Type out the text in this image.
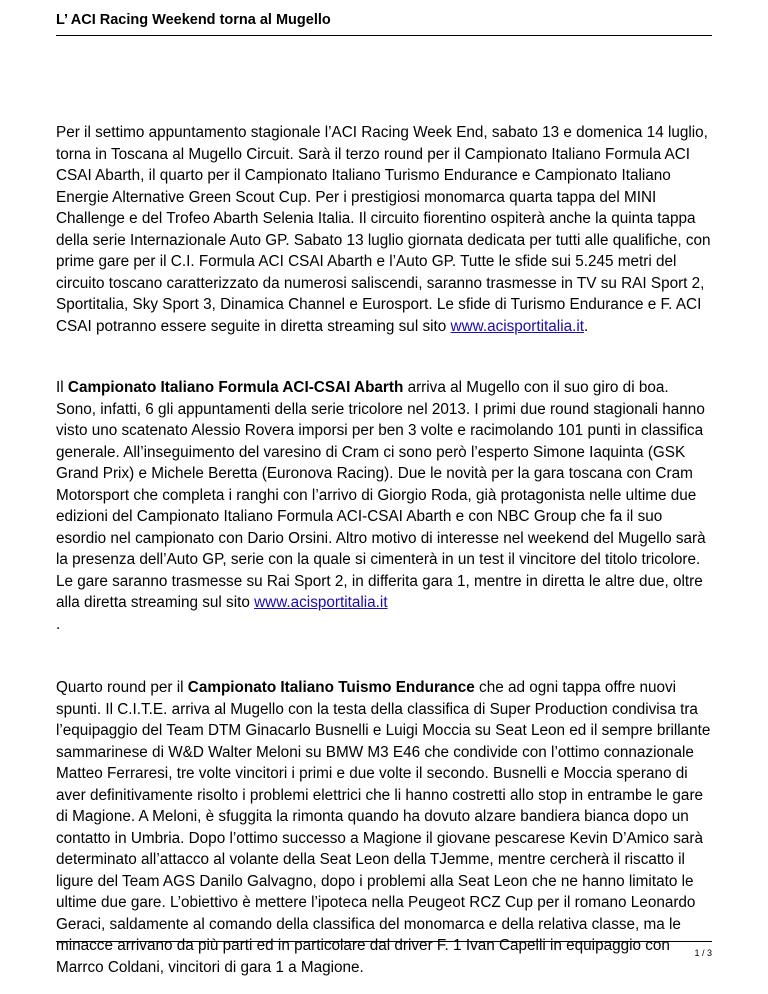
L’ ACI Racing Weekend torna al Mugello

Per il settimo appuntamento stagionale l’ACI Racing Week End, sabato 13 e domenica 14 luglio, torna in Toscana al Mugello Circuit. Sarà il terzo round per il Campionato Italiano Formula ACI CSAI Abarth, il quarto per il Campionato Italiano Turismo Endurance e Campionato Italiano Energie Alternative Green Scout Cup. Per i prestigiosi monomarca quarta tappa del MINI Challenge e del Trofeo Abarth Selenia Italia. Il circuito fiorentino ospiterà anche la quinta tappa della serie Internazionale Auto GP. Sabato 13 luglio giornata dedicata per tutti alle qualifiche, con prime gare per il C.I. Formula ACI CSAI Abarth e l’Auto GP. Tutte le sfide sui 5.245 metri del circuito toscano caratterizzato da numerosi saliscendi, saranno trasmesse in TV su RAI Sport 2, Sportitalia, Sky Sport 3, Dinamica Channel e Eurosport. Le sfide di Turismo Endurance e F. ACI CSAI potranno essere seguite in diretta streaming sul sito www.acisportitalia.it.

Il Campionato Italiano Formula ACI-CSAI Abarth arriva al Mugello con il suo giro di boa. Sono, infatti, 6 gli appuntamenti della serie tricolore nel 2013. I primi due round stagionali hanno visto uno scatenato Alessio Rovera imporsi per ben 3 volte e racimolando 101 punti in classifica generale. All’inseguimento del varesino di Cram ci sono però l’esperto Simone Iaquinta (GSK Grand Prix) e Michele Beretta (Euronova Racing). Due le novità per la gara toscana con Cram Motorsport che completa i ranghi con l’arrivo di Giorgio Roda, già protagonista nelle ultime due edizioni del Campionato Italiano Formula ACI-CSAI Abarth e con NBC Group che fa il suo esordio nel campionato con Dario Orsini. Altro motivo di interesse nel weekend del Mugello sarà la presenza dell’Auto GP, serie con la quale si cimenterà in un test il vincitore del titolo tricolore. Le gare saranno trasmesse su Rai Sport 2, in differita gara 1, mentre in diretta le altre due, oltre alla diretta streaming sul sito www.acisportitalia.it
.

Quarto round per il Campionato Italiano Tuismo Endurance che ad ogni tappa offre nuovi spunti. Il C.I.T.E. arriva al Mugello con la testa della classifica di Super Production condivisa tra l’equipaggio del Team DTM Ginacarlo Busnelli e Luigi Moccia su Seat Leon ed il sempre brillante sammarinese di W&D Walter Meloni su BMW M3 E46 che condivide con l’ottimo connazionale Matteo Ferraresi, tre volte vincitori i primi e due volte il secondo. Busnelli e Moccia sperano di aver definitivamente risolto i problemi elettrici che li hanno costretti allo stop in entrambe le gare di Magione. A Meloni, è sfuggita la rimonta quando ha dovuto alzare bandiera bianca dopo un contatto in Umbria. Dopo l’ottimo successo a Magione il giovane pescarese Kevin D’Amico sarà determinato all’attacco al volante della Seat Leon della TJemme, mentre cercherà il riscatto il ligure del Team AGS Danilo Galvagno, dopo i problemi alla Seat Leon che ne hanno limitato le ultime due gare. L’obiettivo è mettere l’ipoteca nella Peugeot RCZ Cup per il romano Leonardo Geraci, saldamente al comando della classifica del monomarca e della relativa classe, ma le minacce arrivano da più parti ed in particolare dal driver F. 1 Ivan Capelli in equipaggio con Marrco Coldani, vincitori di gara 1 a Magione.

1 / 3
